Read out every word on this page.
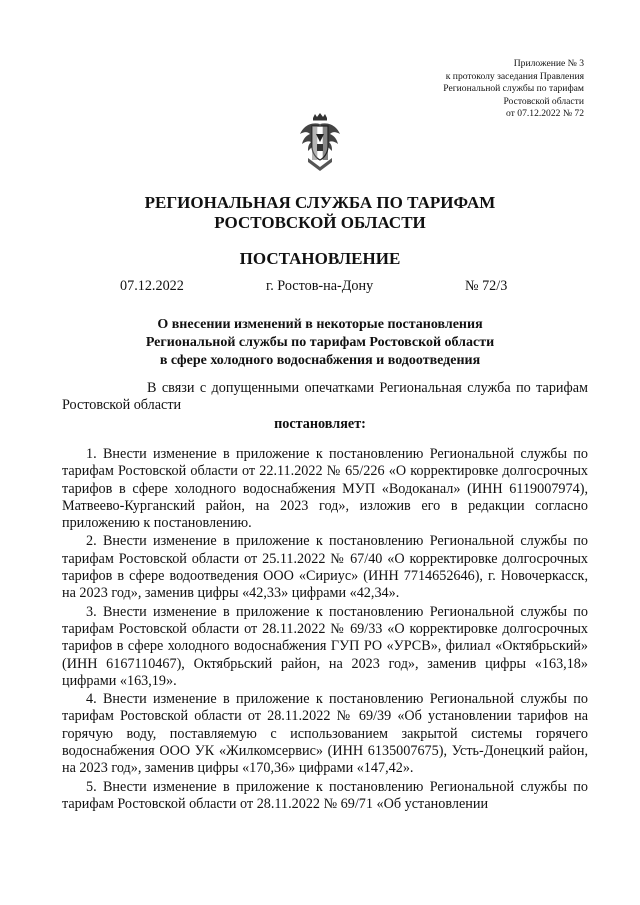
Приложение № 3
к протоколу заседания Правления
Региональной службы по тарифам
Ростовской области
от 07.12.2022 № 72
РЕГИОНАЛЬНАЯ СЛУЖБА ПО ТАРИФАМ
РОСТОВСКОЙ ОБЛАСТИ
ПОСТАНОВЛЕНИЕ
07.12.2022	г. Ростов-на-Дону	№ 72/3
О внесении изменений в некоторые постановления
Региональной службы по тарифам Ростовской области
в сфере холодного водоснабжения и водоотведения
В связи с допущенными опечатками Региональная служба по тарифам Ростовской области
постановляет:

1. Внести изменение в приложение к постановлению Региональной службы по тарифам Ростовской области от 22.11.2022 № 65/226 «О корректировке долгосрочных тарифов в сфере холодного водоснабжения МУП «Водоканал» (ИНН 6119007974), Матвеево-Курганский район, на 2023 год», изложив его в редакции согласно приложению к постановлению.

2. Внести изменение в приложение к постановлению Региональной службы по тарифам Ростовской области от 25.11.2022 № 67/40 «О корректировке долгосрочных тарифов в сфере водоотведения ООО «Сириус» (ИНН 7714652646), г. Новочеркасск, на 2023 год», заменив цифры «42,33» цифрами «42,34».

3. Внести изменение в приложение к постановлению Региональной службы по тарифам Ростовской области от 28.11.2022 № 69/33 «О корректировке долгосрочных тарифов в сфере холодного водоснабжения ГУП РО «УРСВ», филиал «Октябрьский» (ИНН 6167110467), Октябрьский район, на 2023 год», заменив цифры «163,18» цифрами «163,19».

4. Внести изменение в приложение к постановлению Региональной службы по тарифам Ростовской области от 28.11.2022 № 69/39 «Об установлении тарифов на горячую воду, поставляемую с использованием закрытой системы горячего водоснабжения ООО УК «Жилкомсервис» (ИНН 6135007675), Усть-Донецкий район, на 2023 год», заменив цифры «170,36» цифрами «147,42».

5. Внести изменение в приложение к постановлению Региональной службы по тарифам Ростовской области от 28.11.2022 № 69/71 «Об установлении
